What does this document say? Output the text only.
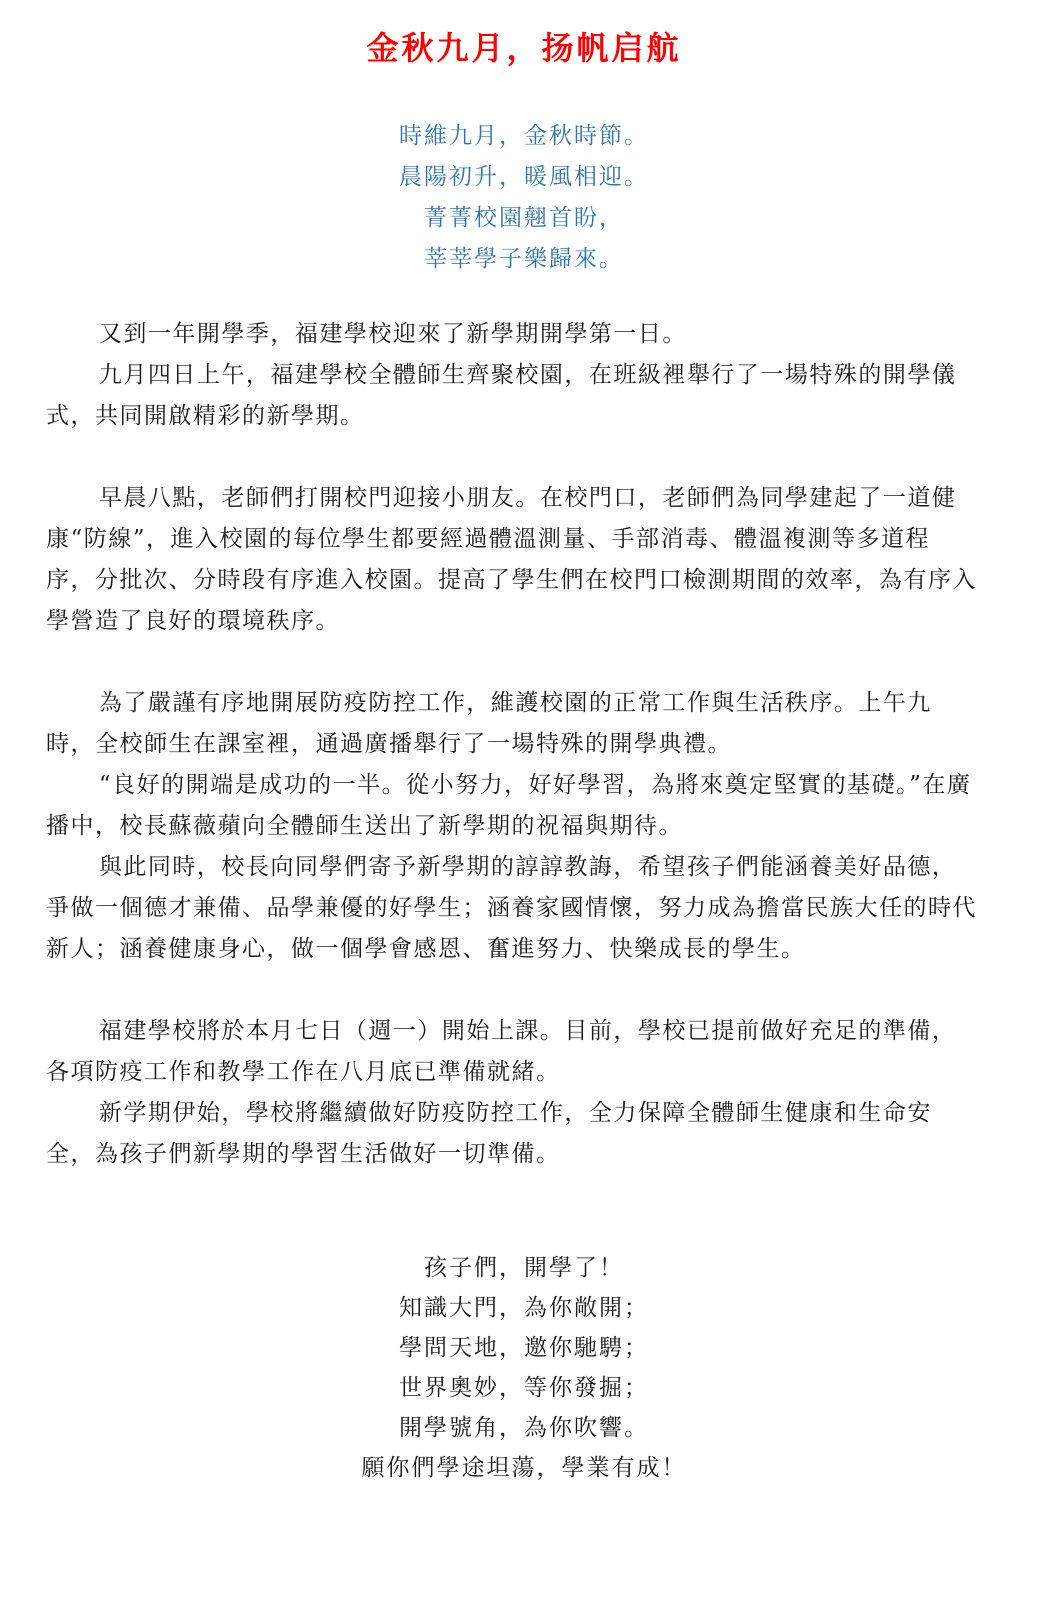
金秋九月，扬帆启航
時維九月，金秋時節。
晨陽初升，暖風相迎。
菁菁校園翹首盼，
莘莘學子樂歸來。

又到一年開學季，福建學校迎來了新學期開學第一日。

九月四日上午，福建學校全體師生齊聚校園，在班級裡舉行了一場特殊的開學儀式，共同開啟精彩的新學期。

早晨八點，老師們打開校門迎接小朋友。在校門口，老師們為同學建起了一道健康“防線”，進入校園的每位學生都要經過體溫測量、手部消毒、體溫複測等多道程序，分批次、分時段有序進入校園。提高了學生們在校門口檢測期間的效率，為有序入學營造了良好的環境秩序。

為了嚴謹有序地開展防疫防控工作，維護校園的正常工作與生活秩序。上午九時，全校師生在課室裡，通過廣播舉行了一場特殊的開學典禮。

“良好的開端是成功的一半。從小努力，好好學習，為將來奠定堅實的基礎。”在廣播中，校長蘇薇蘋向全體師生送出了新學期的祝福與期待。

與此同時，校長向同學們寄予新學期的諄諄教誨，希望孩子們能涵養美好品德，爭做一個德才兼備、品學兼優的好學生；涵養家國情懷，努力成為擔當民族大任的時代新人；涵養健康身心，做一個學會感恩、奮進努力、快樂成長的學生。

福建學校將於本月七日（週一）開始上課。目前，學校已提前做好充足的準備，各項防疫工作和教學工作在八月底已準備就緒。

新学期伊始，學校將繼續做好防疫防控工作，全力保障全體師生健康和生命安全，為孩子們新學期的學習生活做好一切準備。

孩子們，開學了！
知識大門，為你敞開；
學問天地，邀你馳騁；
世界奧妙，等你發掘；
開學號角，為你吹響。
願你們學途坦蕩，學業有成！
